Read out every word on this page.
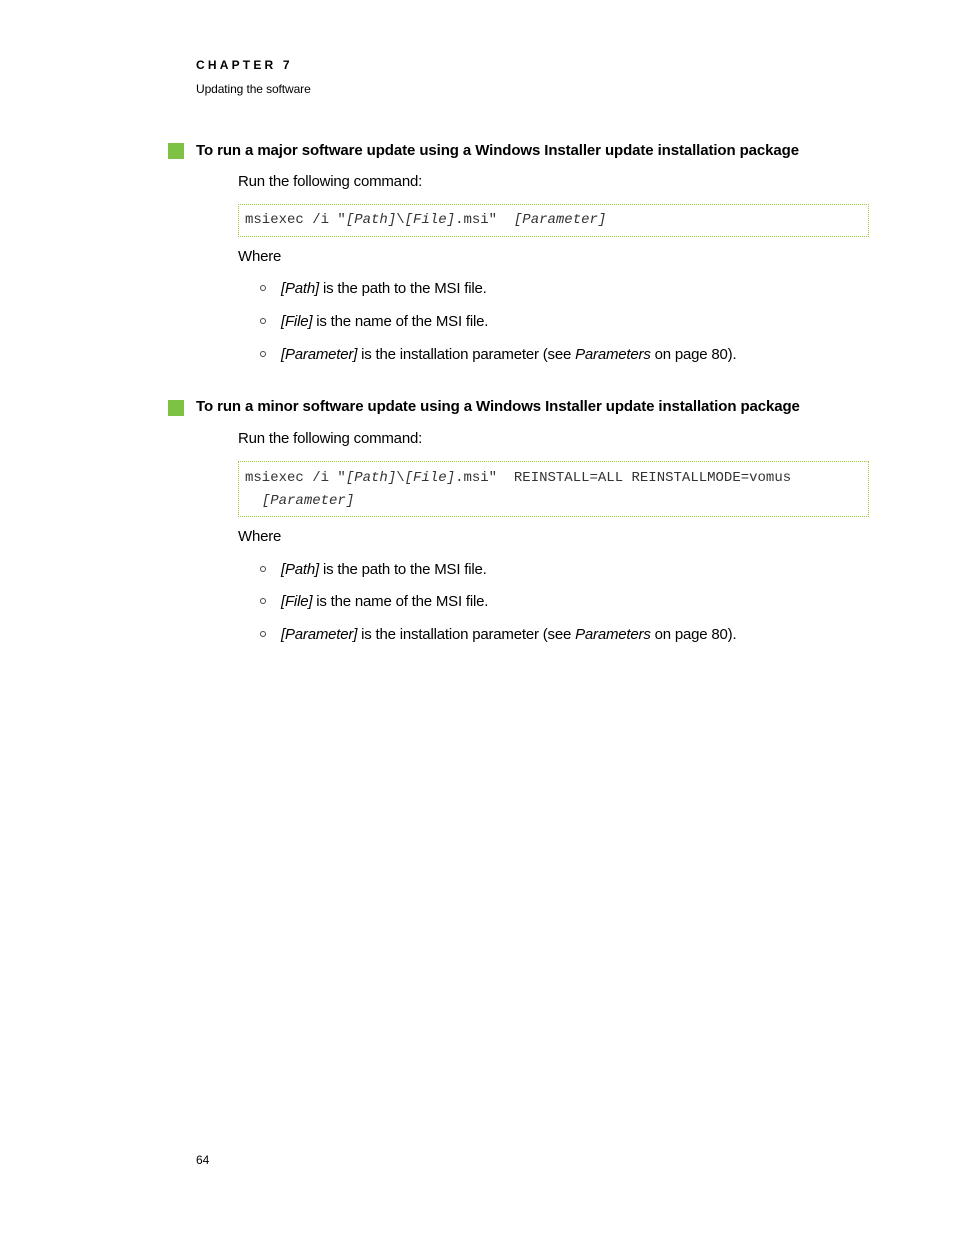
CHAPTER 7
Updating the software
To run a major software update using a Windows Installer update installation package
Run the following command:
msiexec /i "[Path]\[File].msi"  [Parameter]
Where
[Path] is the path to the MSI file.
[File] is the name of the MSI file.
[Parameter] is the installation parameter (see Parameters on page 80).
To run a minor software update using a Windows Installer update installation package
Run the following command:
msiexec /i "[Path]\[File].msi"  REINSTALL=ALL REINSTALLMODE=vomus
[Parameter]
Where
[Path] is the path to the MSI file.
[File] is the name of the MSI file.
[Parameter] is the installation parameter (see Parameters on page 80).
64
